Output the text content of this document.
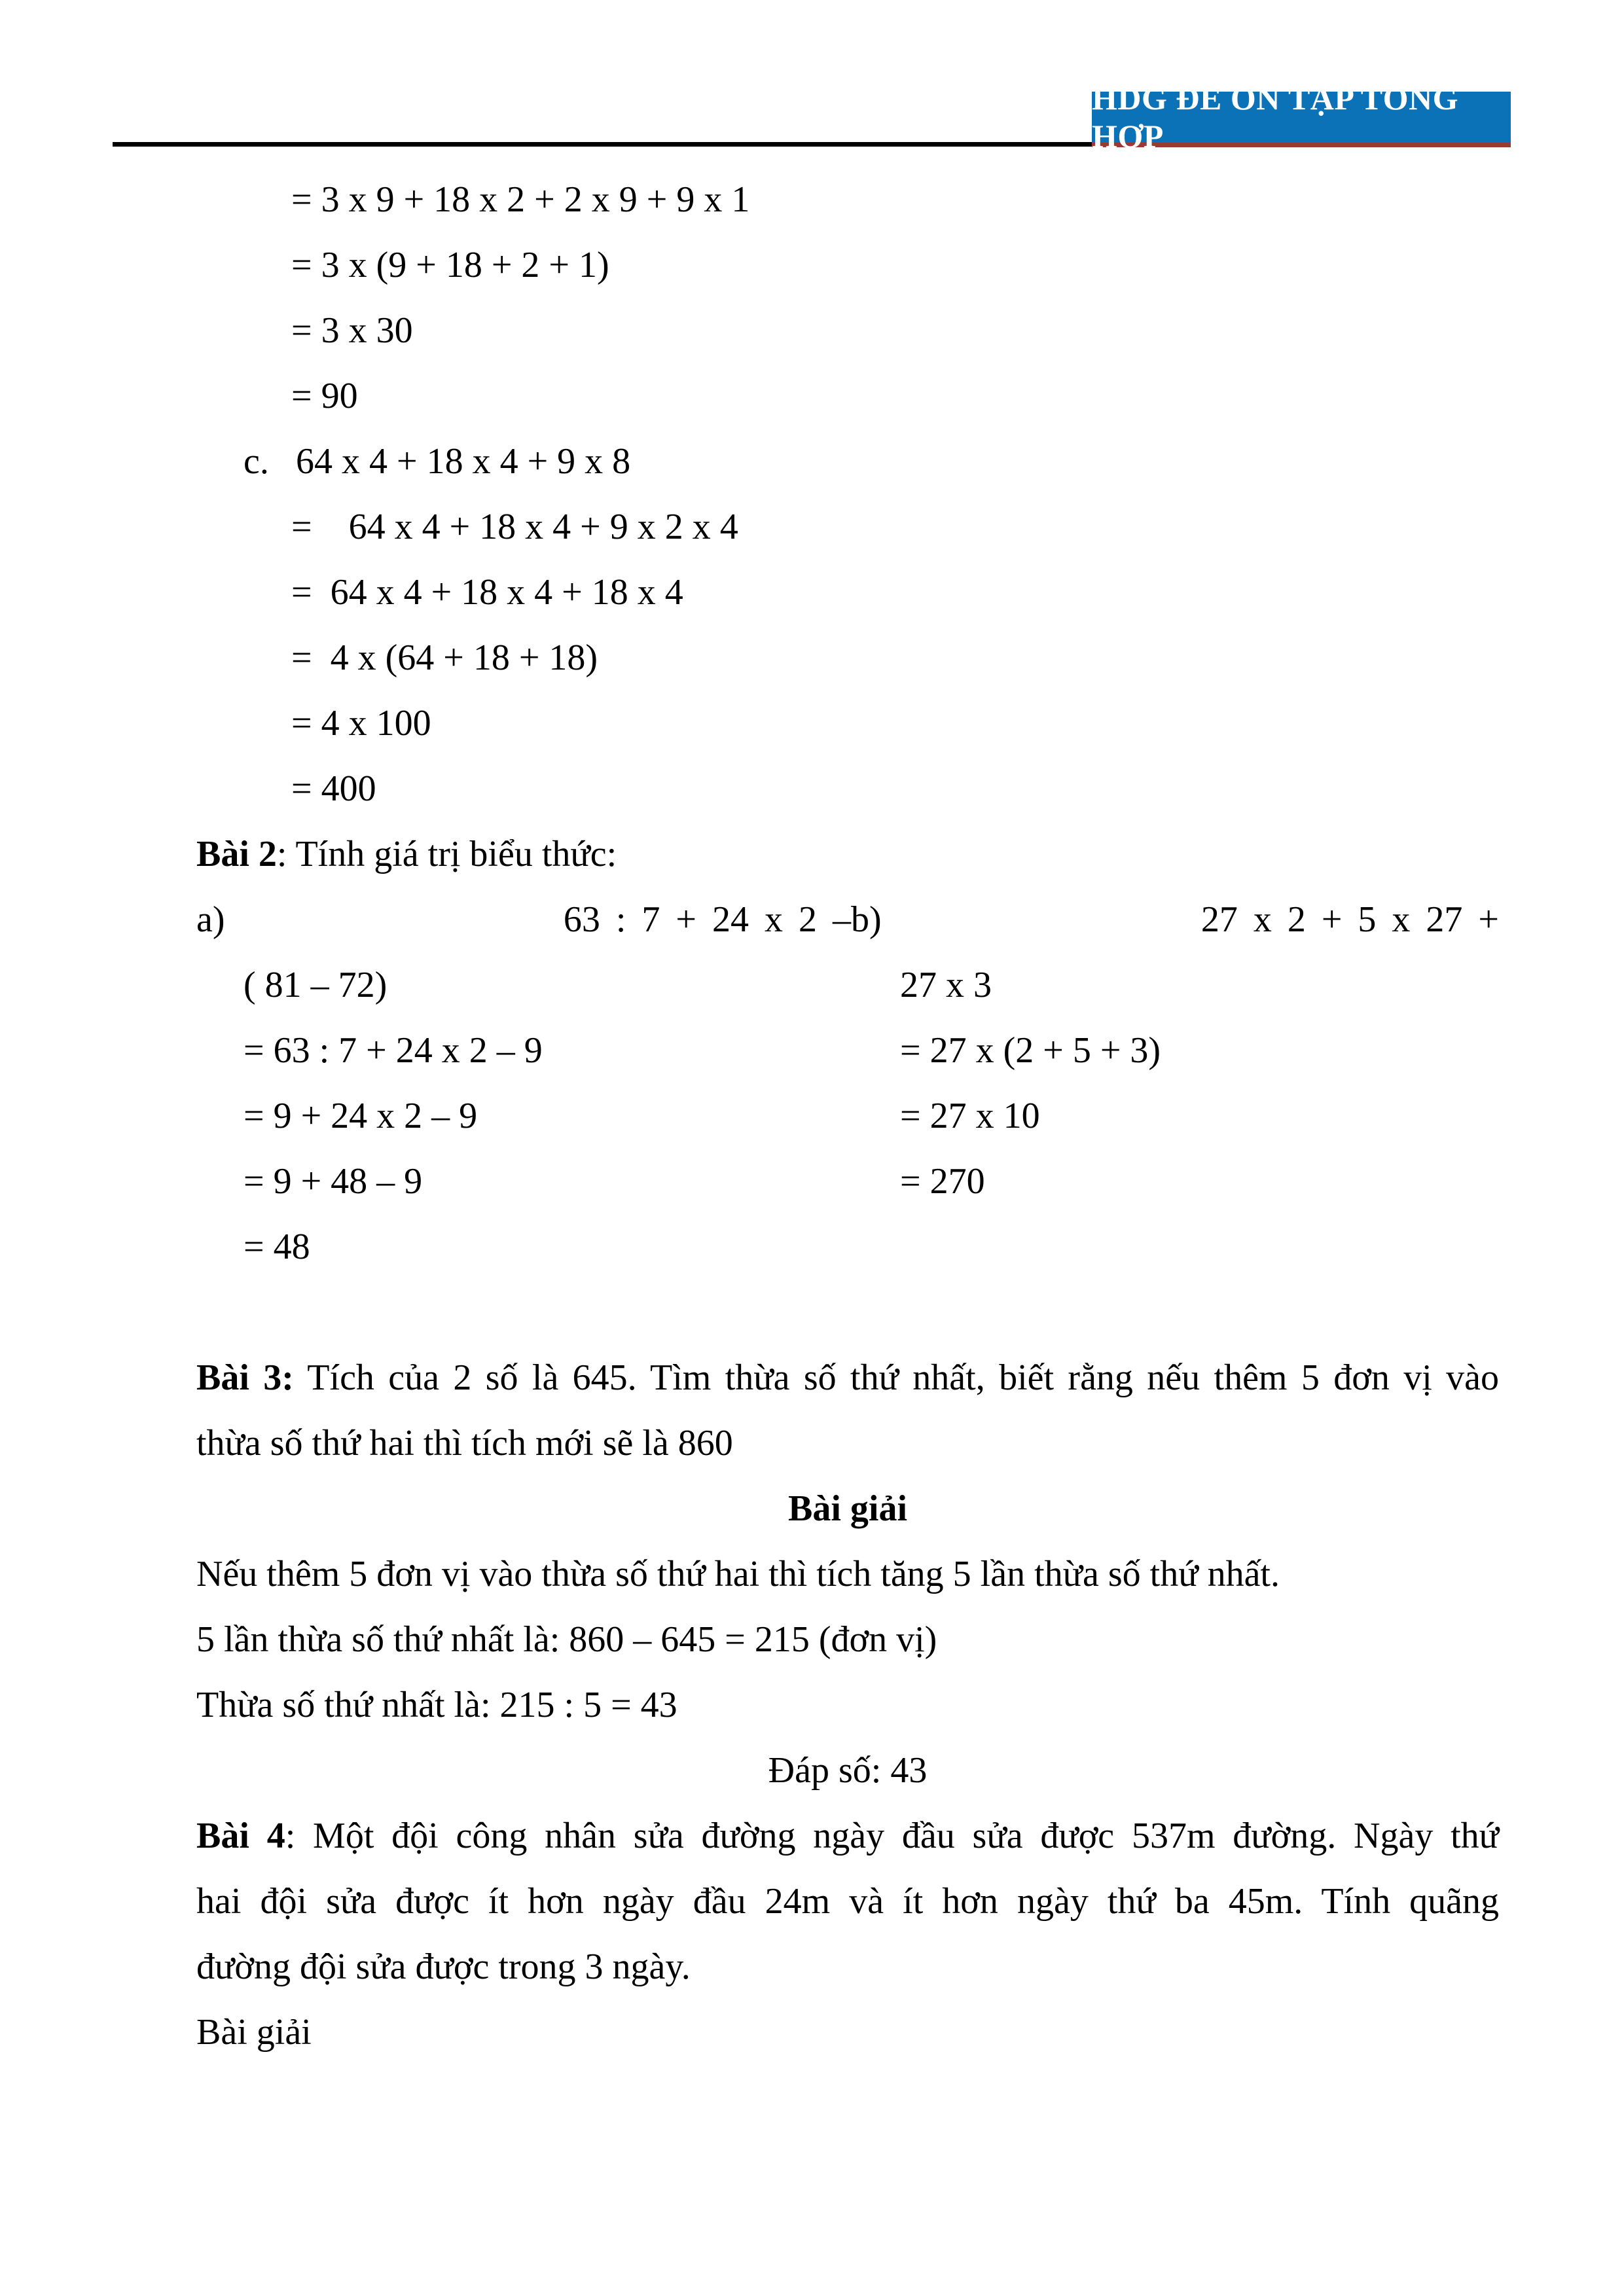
HDG ĐỀ ÔN TẬP TỔNG HỢP
= 3 x 9 + 18 x 2 + 2 x 9 + 9 x 1
= 3 x (9 + 18 + 2 + 1)
= 3 x 30
= 90
c. 64 x 4 + 18 x 4 + 9 x 8
=    64 x 4 + 18 x 4 + 9 x 2 x 4
=  64 x 4 + 18 x 4 + 18 x 4
=  4 x (64 + 18 + 18)
= 4 x 100
= 400
Bài 2: Tính giá trị biểu thức:
a)	63 : 7 + 24 x 2 – b)	27 x 2 + 5 x 27 +
( 81 – 72)	27 x 3
= 63 : 7 + 24 x 2 – 9	= 27 x (2 + 5 + 3)
= 9 + 24 x 2 – 9	= 27 x 10
= 9 + 48 – 9	= 270
= 48
Bài 3: Tích của 2 số là 645. Tìm thừa số thứ nhất, biết rằng nếu thêm 5 đơn vị vào
thừa số thứ hai thì tích mới sẽ là 860
Bài giải
Nếu thêm 5 đơn vị vào thừa số thứ hai thì tích tăng 5 lần thừa số thứ nhất.
5 lần thừa số thứ nhất là: 860 – 645 = 215 (đơn vị)
Thừa số thứ nhất là: 215 : 5 = 43
Đáp số: 43
Bài 4: Một đội công nhân sửa đường ngày đầu sửa được 537m đường. Ngày thứ
hai đội sửa được ít hơn ngày đầu 24m và ít hơn ngày thứ ba 45m. Tính quãng
đường đội sửa được trong 3 ngày.
Bài giải
